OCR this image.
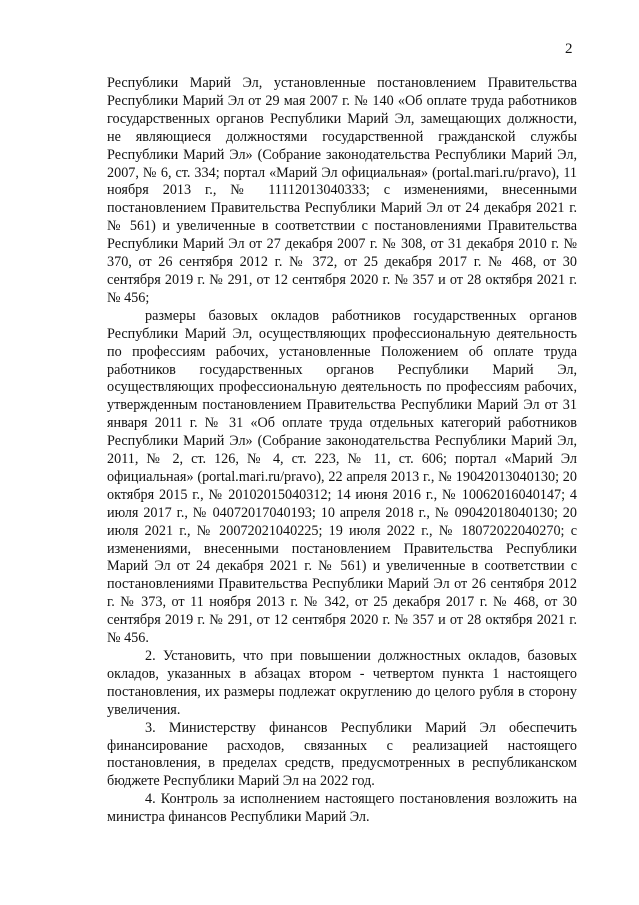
2

Республики Марий Эл, установленные постановлением Правительства Республики Марий Эл от 29 мая 2007 г. № 140 «Об оплате труда работников государственных органов Республики Марий Эл, замещающих должности, не являющиеся должностями государственной гражданской службы Республики Марий Эл» (Собрание законодательства Республики Марий Эл, 2007, № 6, ст. 334; портал «Марий Эл официальная» (portal.mari.ru/pravo), 11 ноября 2013 г., № 11112013040333; с изменениями, внесенными постановлением Правительства Республики Марий Эл от 24 декабря 2021 г. № 561) и увеличенные в соответствии с постановлениями Правительства Республики Марий Эл от 27 декабря 2007 г. № 308, от 31 декабря 2010 г. № 370, от 26 сентября 2012 г. № 372, от 25 декабря 2017 г. № 468, от 30 сентября 2019 г. № 291, от 12 сентября 2020 г. № 357 и от 28 октября 2021 г. № 456;

размеры базовых окладов работников государственных органов Республики Марий Эл, осуществляющих профессиональную деятельность по профессиям рабочих, установленные Положением об оплате труда работников государственных органов Республики Марий Эл, осуществляющих профессиональную деятельность по профессиям рабочих, утвержденным постановлением Правительства Республики Марий Эл от 31 января 2011 г. № 31 «Об оплате труда отдельных категорий работников Республики Марий Эл» (Собрание законодательства Республики Марий Эл, 2011, № 2, ст. 126, № 4, ст. 223, № 11, ст. 606; портал «Марий Эл официальная» (portal.mari.ru/pravo), 22 апреля 2013 г., № 19042013040130; 20 октября 2015 г., № 20102015040312; 14 июня 2016 г., № 10062016040147; 4 июля 2017 г., № 04072017040193; 10 апреля 2018 г., № 09042018040130; 20 июля 2021 г., № 20072021040225; 19 июля 2022 г., № 18072022040270; с изменениями, внесенными постановлением Правительства Республики Марий Эл от 24 декабря 2021 г. № 561) и увеличенные в соответствии с постановлениями Правительства Республики Марий Эл от 26 сентября 2012 г. № 373, от 11 ноября 2013 г. № 342, от 25 декабря 2017 г. № 468, от 30 сентября 2019 г. № 291, от 12 сентября 2020 г. № 357 и от 28 октября 2021 г. № 456.

2. Установить, что при повышении должностных окладов, базовых окладов, указанных в абзацах втором - четвертом пункта 1 настоящего постановления, их размеры подлежат округлению до целого рубля в сторону увеличения.

3. Министерству финансов Республики Марий Эл обеспечить финансирование расходов, связанных с реализацией настоящего постановления, в пределах средств, предусмотренных в республиканском бюджете Республики Марий Эл на 2022 год.

4. Контроль за исполнением настоящего постановления возложить на министра финансов Республики Марий Эл.
